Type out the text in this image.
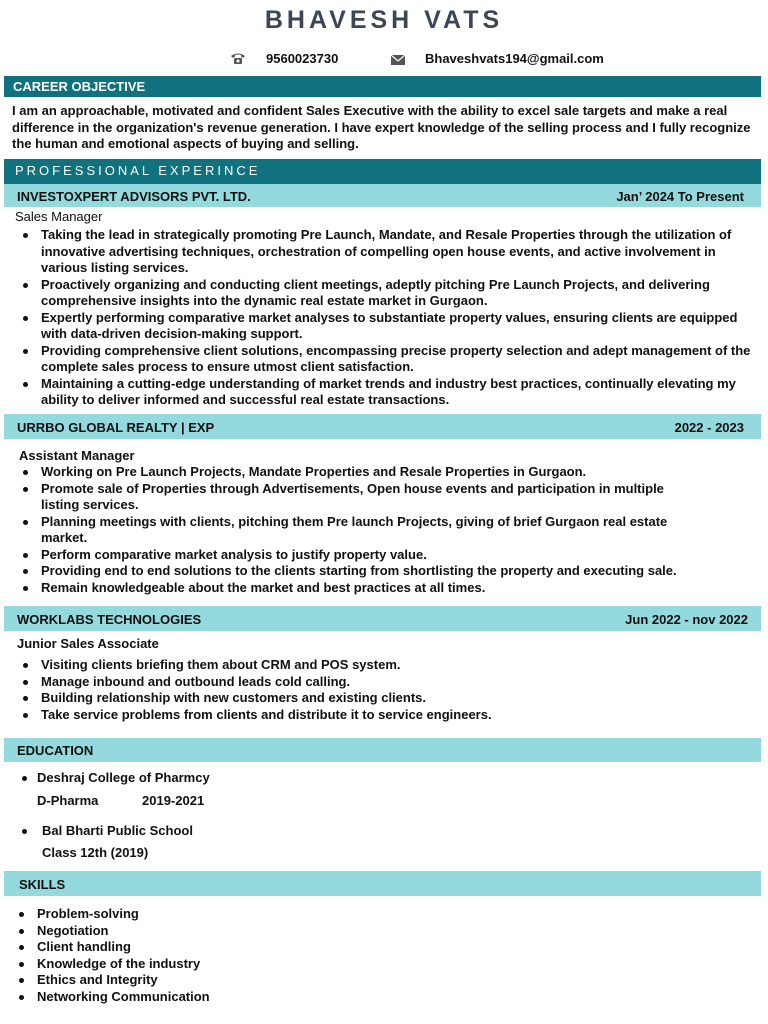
BHAVESH VATS
9560023730	Bhaveshvats194@gmail.com
CAREER OBJECTIVE
I am an approachable, motivated and confident Sales Executive with the ability to excel sale targets and make a real difference in the organization's revenue generation. I have expert knowledge of the selling process and I fully recognize the human and emotional aspects of buying and selling.
PROFESSIONAL EXPERINCE
INVESTOXPERT ADVISORS PVT. LTD.	Jan’ 2024 To Present
Sales Manager
Taking the lead in strategically promoting Pre Launch, Mandate, and Resale Properties through the utilization of innovative advertising techniques, orchestration of compelling open house events, and active involvement in various listing services.
Proactively organizing and conducting client meetings, adeptly pitching Pre Launch Projects, and delivering comprehensive insights into the dynamic real estate market in Gurgaon.
Expertly performing comparative market analyses to substantiate property values, ensuring clients are equipped with data-driven decision-making support.
Providing comprehensive client solutions, encompassing precise property selection and adept management of the complete sales process to ensure utmost client satisfaction.
Maintaining a cutting-edge understanding of market trends and industry best practices, continually elevating my ability to deliver informed and successful real estate transactions.
URRBO GLOBAL REALTY | EXP	2022 - 2023
Assistant Manager
Working on Pre Launch Projects, Mandate Properties and Resale Properties in Gurgaon.
Promote sale of Properties through Advertisements, Open house events and participation in multiple listing services.
Planning meetings with clients, pitching them Pre launch Projects, giving of brief Gurgaon real estate market.
Perform comparative market analysis to justify property value.
Providing end to end solutions to the clients starting from shortlisting the property and executing sale.
Remain knowledgeable about the market and best practices at all times.
WORKLABS TECHNOLOGIES	Jun 2022 - nov 2022
Junior Sales Associate
Visiting clients briefing them about CRM and POS system.
Manage inbound and outbound leads cold calling.
Building relationship with new customers and existing clients.
Take service problems from clients and distribute it to service engineers.
EDUCATION
Deshraj College of Pharmcy
D-Pharma	2019-2021
Bal Bharti Public School
Class 12th (2019)
SKILLS
Problem-solving
Negotiation
Client handling
Knowledge of the industry
Ethics and Integrity
Networking Communication
